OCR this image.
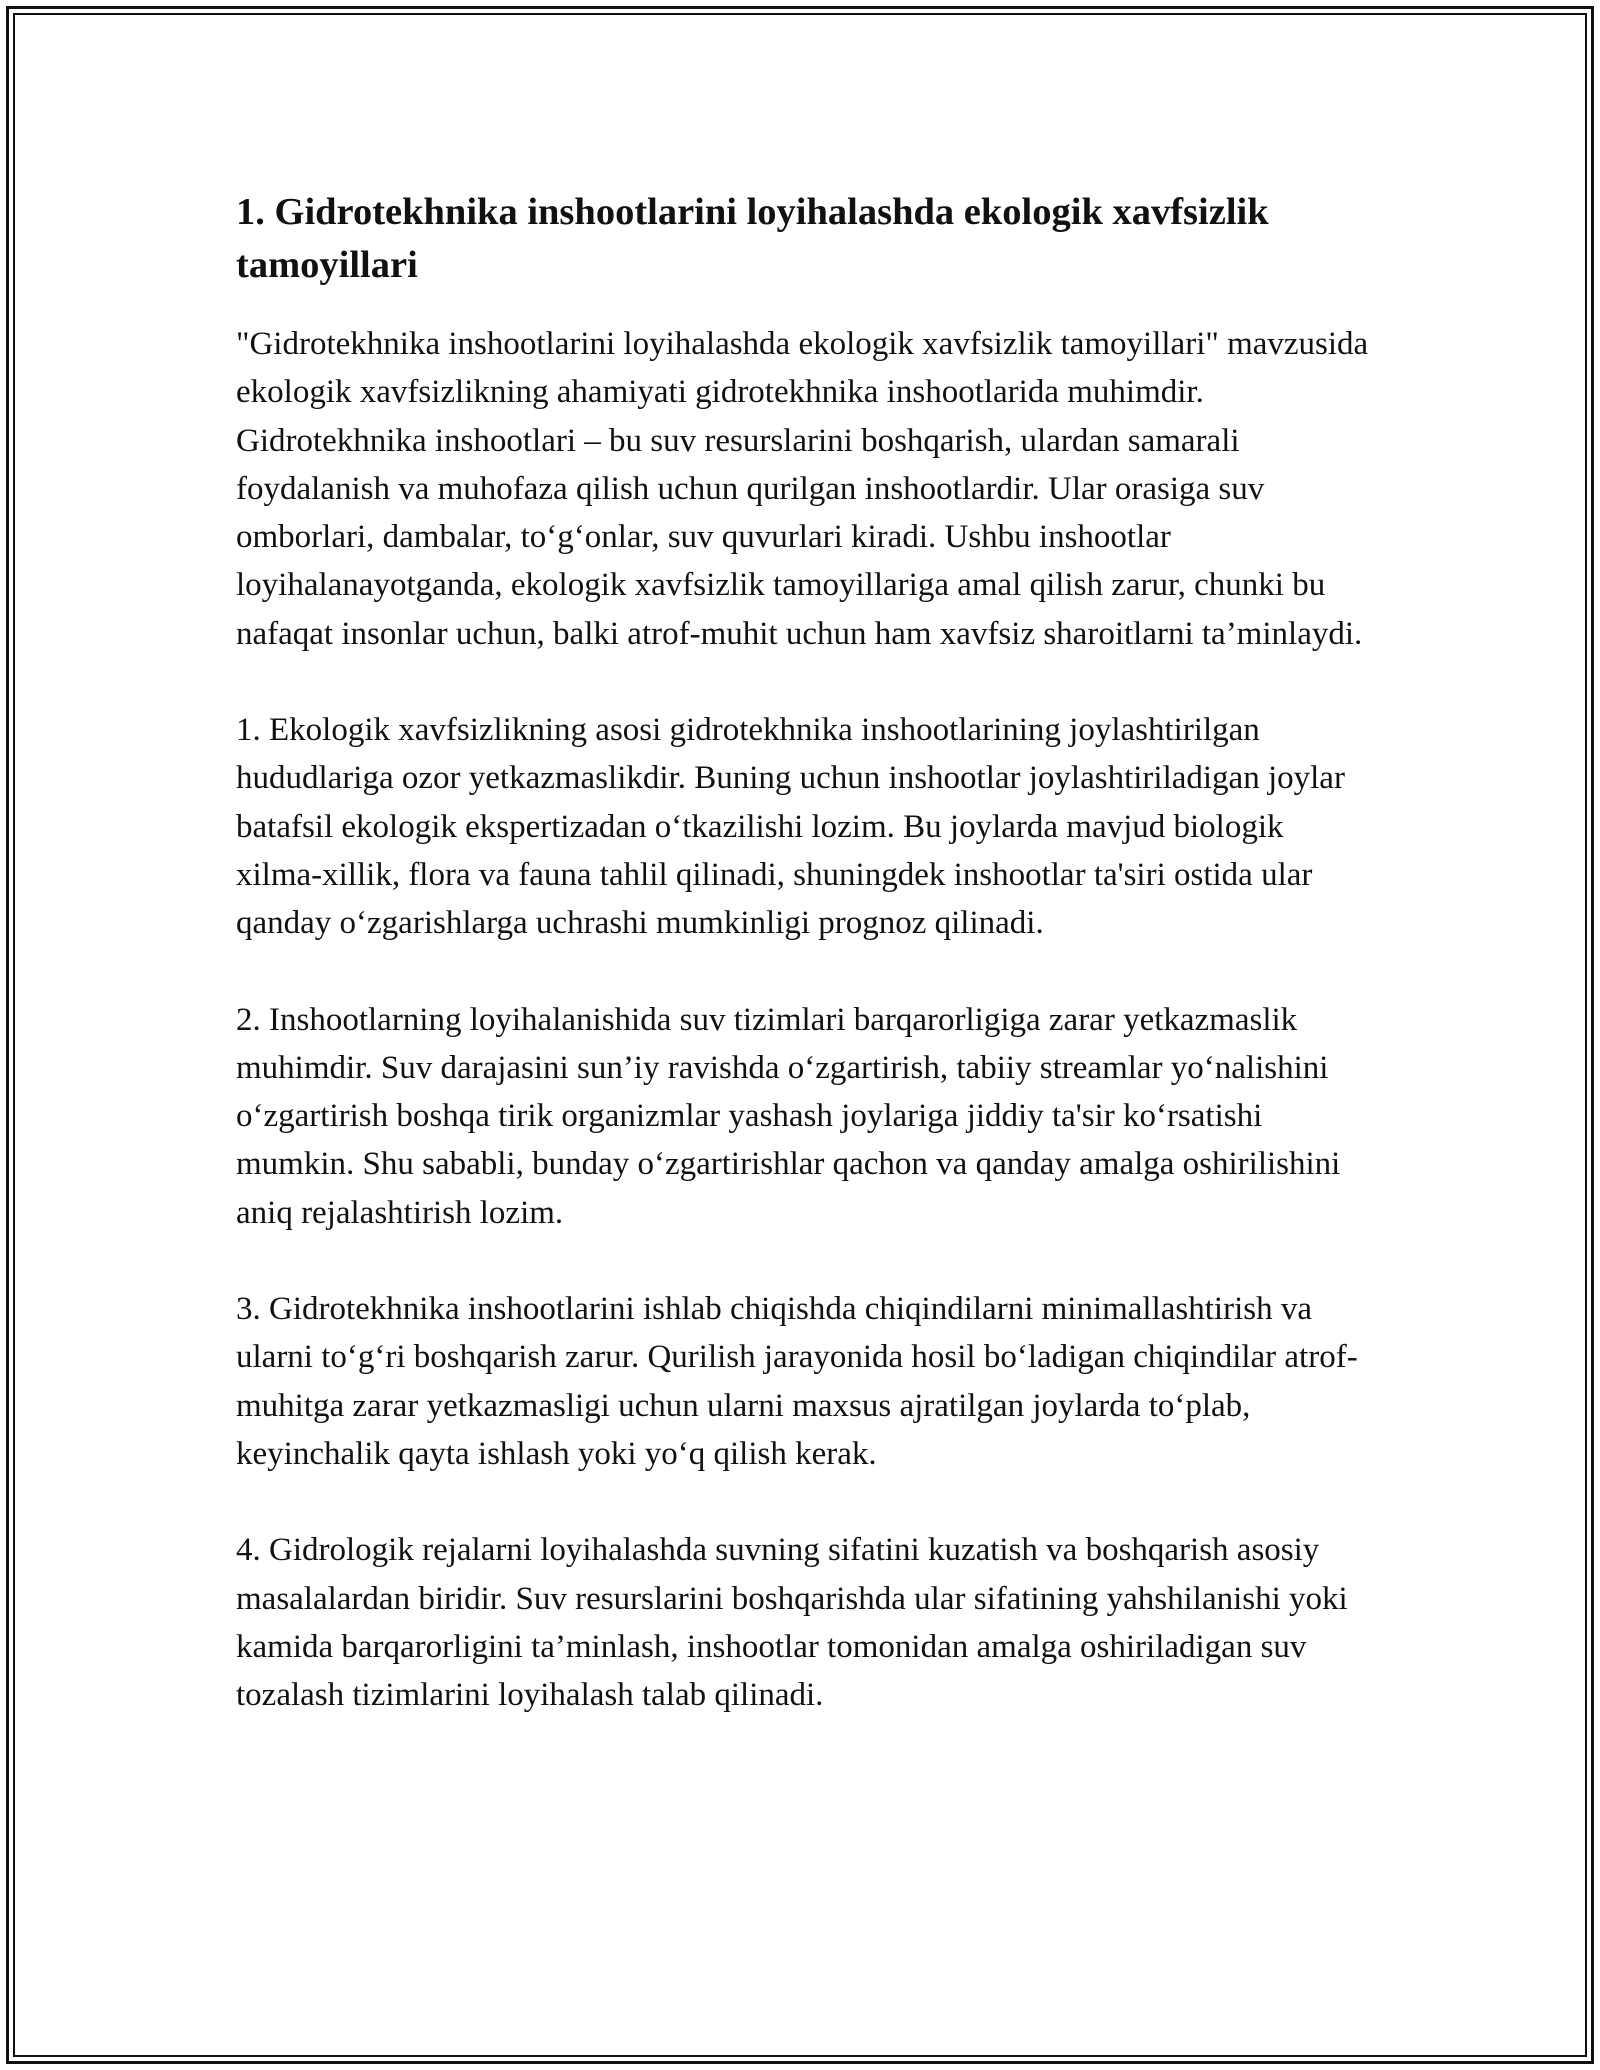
1. Gidrotekhnika inshootlarini loyihalashda ekologik xavfsizlik tamoyillari

"Gidrotekhnika inshootlarini loyihalashda ekologik xavfsizlik tamoyillari" mavzusida ekologik xavfsizlikning ahamiyati gidrotekhnika inshootlarida muhimdir. Gidrotekhnika inshootlari – bu suv resurslarini boshqarish, ulardan samarali foydalanish va muhofaza qilish uchun qurilgan inshootlardir. Ular orasiga suv omborlari, dambalar, to‘g‘onlar, suv quvurlari kiradi. Ushbu inshootlar loyihalanayotganda, ekologik xavfsizlik tamoyillariga amal qilish zarur, chunki bu nafaqat insonlar uchun, balki atrof-muhit uchun ham xavfsiz sharoitlarni ta’minlaydi.

1. Ekologik xavfsizlikning asosi gidrotekhnika inshootlarining joylashtirilgan hududlariga ozor yetkazmaslikdir. Buning uchun inshootlar joylashtiriladigan joylar batafsil ekologik ekspertizadan o‘tkazilishi lozim. Bu joylarda mavjud biologik xilma-xillik, flora va fauna tahlil qilinadi, shuningdek inshootlar ta'siri ostida ular qanday o‘zgarishlarga uchrashi mumkinligi prognoz qilinadi.

2. Inshootlarning loyihalanishida suv tizimlari barqarorligiga zarar yetkazmaslik muhimdir. Suv darajasini sun’iy ravishda o‘zgartirish, tabiiy streamlar yo‘nalishini o‘zgartirish boshqa tirik organizmlar yashash joylariga jiddiy ta'sir ko‘rsatishi mumkin. Shu sababli, bunday o‘zgartirishlar qachon va qanday amalga oshirilishini aniq rejalashtirish lozim.

3. Gidrotekhnika inshootlarini ishlab chiqishda chiqindilarni minimallashtirish va ularni to‘g‘ri boshqarish zarur. Qurilish jarayonida hosil bo‘ladigan chiqindilar atrof-muhitga zarar yetkazmasligi uchun ularni maxsus ajratilgan joylarda to‘plab, keyinchalik qayta ishlash yoki yo‘q qilish kerak.

4. Gidrologik rejalarni loyihalashda suvning sifatini kuzatish va boshqarish asosiy masalalardan biridir. Suv resurslarini boshqarishda ular sifatining yahshilanishi yoki kamida barqarorligini ta’minlash, inshootlar tomonidan amalga oshiriladigan suv tozalash tizimlarini loyihalash talab qilinadi.
